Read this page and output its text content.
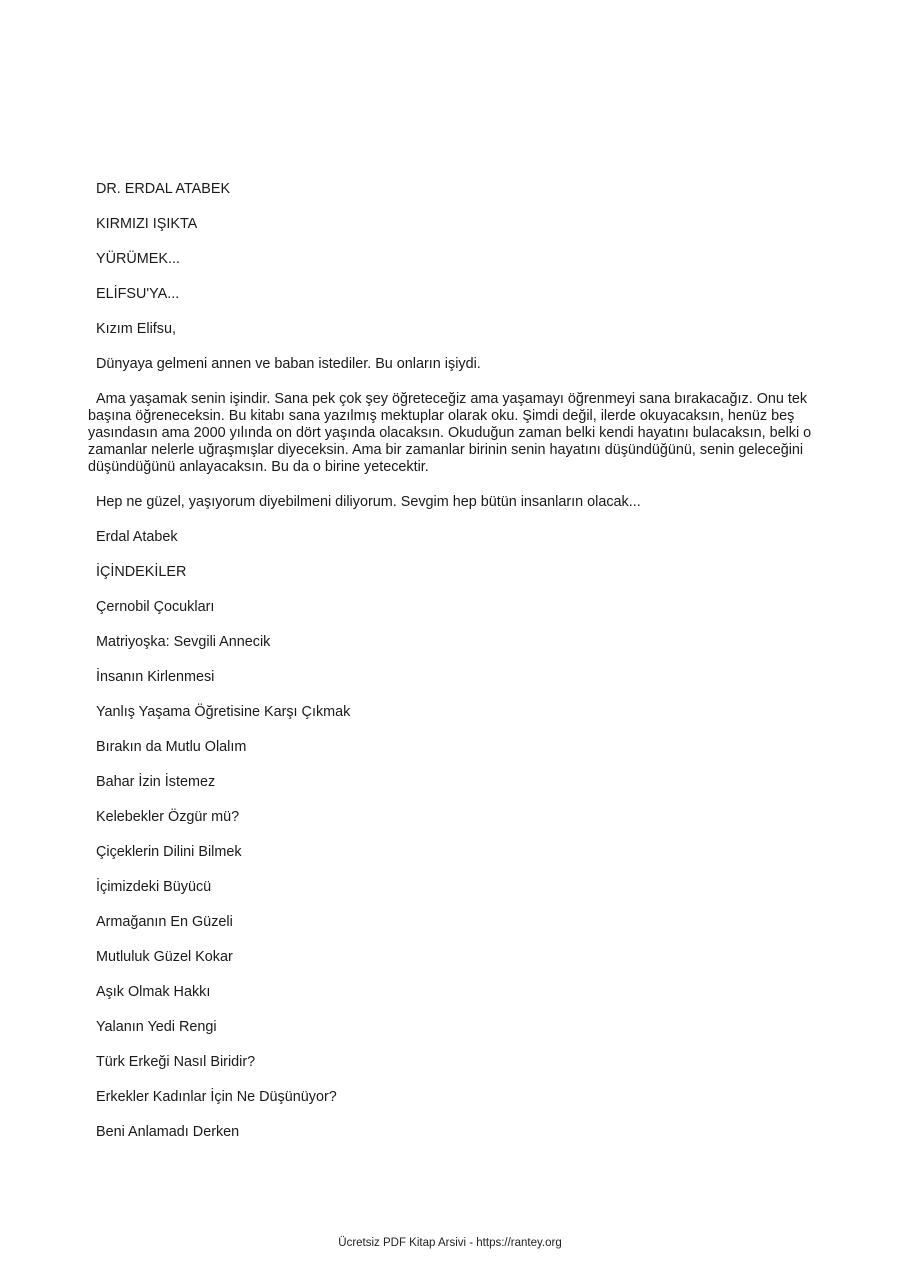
DR. ERDAL ATABEK
KIRMIZI IŞIKTA
YÜRÜMEK...
ELİFSU'YA...
Kızım Elifsu,
Dünyaya gelmeni annen ve baban istediler. Bu onların işiydi.
Ama yaşamak senin işindir. Sana pek çok şey öğreteceğiz ama yaşamayı öğrenmeyi sana bırakacağız. Onu tek
başına öğreneceksin. Bu kitabı sana yazılmış mektuplar olarak oku. Şimdi değil, ilerde okuyacaksın, henüz beş yasındasın ama 2000 yılında on dört yaşında olacaksın. Okuduğun zaman belki kendi hayatını bulacaksın, belki o zamanlar nelerle uğraşmışlar diyeceksin. Ama bir zamanlar birinin senin hayatını düşündüğünü, senin geleceğini düşündüğünü anlayacaksın. Bu da o birine yetecektir.
Hep ne güzel, yaşıyorum diyebilmeni diliyorum. Sevgim hep bütün insanların olacak...
Erdal Atabek
İÇİNDEKİLER
Çernobil Çocukları
Matriyoşka: Sevgili Annecik
İnsanın Kirlenmesi
Yanlış Yaşama Öğretisine Karşı Çıkmak
Bırakın da Mutlu Olalım
Bahar İzin İstemez
Kelebekler Özgür mü?
Çiçeklerin Dilini Bilmek
İçimizdeki Büyücü
Armağanın En Güzeli
Mutluluk Güzel Kokar
Aşık Olmak Hakkı
Yalanın Yedi Rengi
Türk Erkeği Nasıl Biridir?
Erkekler Kadınlar İçin Ne Düşünüyor?
Beni Anlamadı Derken
Ücretsiz PDF Kitap Arsivi - https://rantey.org
